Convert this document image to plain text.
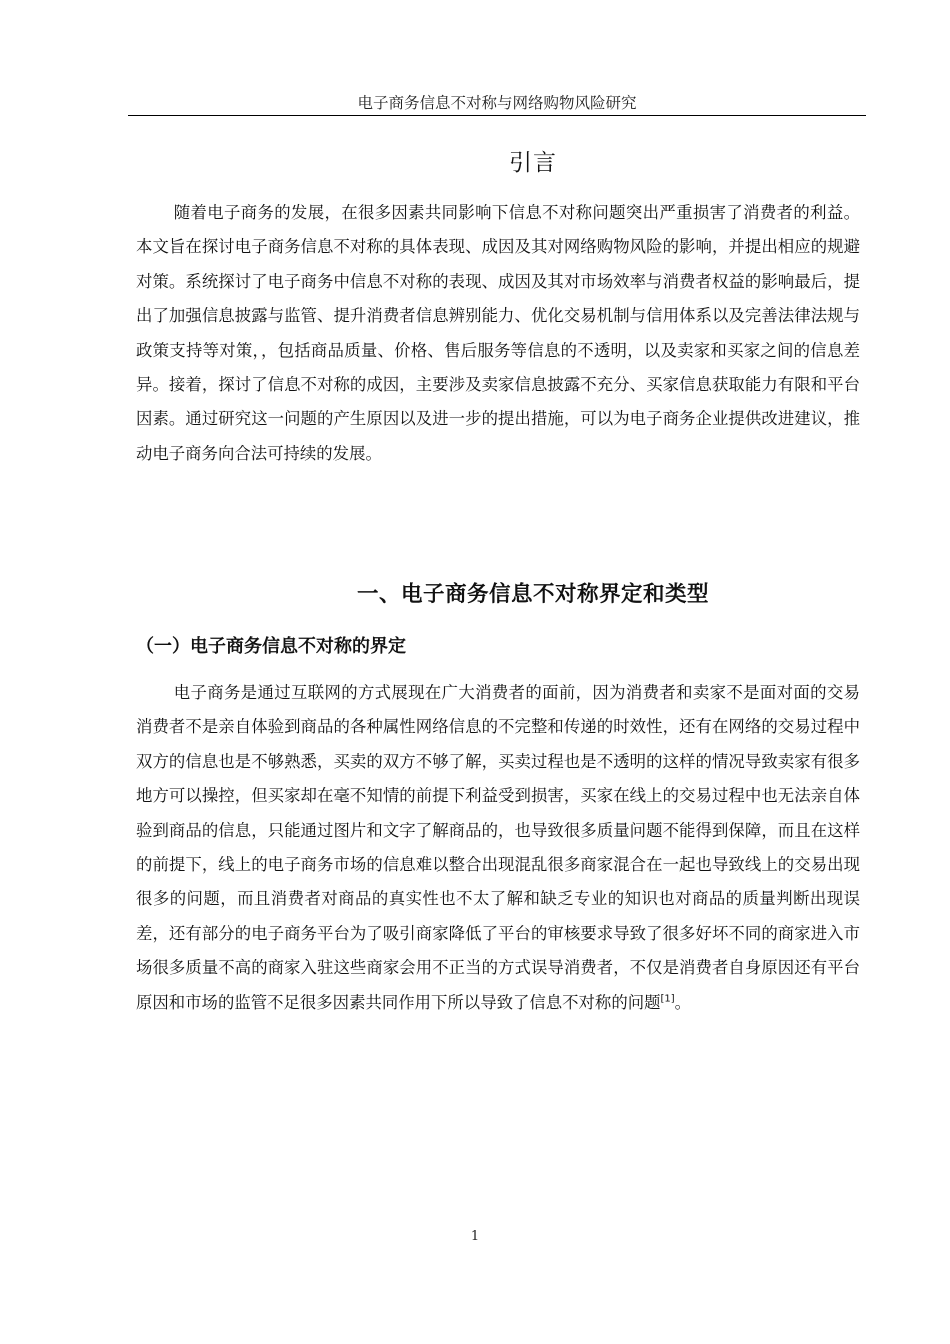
电子商务信息不对称与网络购物风险研究
引言

随着电子商务的发展，在很多因素共同影响下信息不对称问题突出严重损害了消费者的利益。本文旨在探讨电子商务信息不对称的具体表现、成因及其对网络购物风险的影响，并提出相应的规避对策。系统探讨了电子商务中信息不对称的表现、成因及其对市场效率与消费者权益的影响最后，提出了加强信息披露与监管、提升消费者信息辨别能力、优化交易机制与信用体系以及完善法律法规与政策支持等对策，，包括商品质量、价格、售后服务等信息的不透明，以及卖家和买家之间的信息差异。接着，探讨了信息不对称的成因，主要涉及卖家信息披露不充分、买家信息获取能力有限和平台因素。通过研究这一问题的产生原因以及进一步的提出措施，可以为电子商务企业提供改进建议，推动电子商务向合法可持续的发展。

一、电子商务信息不对称界定和类型
（一）电子商务信息不对称的界定

电子商务是通过互联网的方式展现在广大消费者的面前，因为消费者和卖家不是面对面的交易消费者不是亲自体验到商品的各种属性网络信息的不完整和传递的时效性，还有在网络的交易过程中双方的信息也是不够熟悉，买卖的双方不够了解，买卖过程也是不透明的这样的情况导致卖家有很多地方可以操控，但买家却在毫不知情的前提下利益受到损害，买家在线上的交易过程中也无法亲自体验到商品的信息，只能通过图片和文字了解商品的，也导致很多质量问题不能得到保障，而且在这样的前提下，线上的电子商务市场的信息难以整合出现混乱很多商家混合在一起也导致线上的交易出现很多的问题，而且消费者对商品的真实性也不太了解和缺乏专业的知识也对商品的质量判断出现误差，还有部分的电子商务平台为了吸引商家降低了平台的审核要求导致了很多好坏不同的商家进入市场很多质量不高的商家入驻这些商家会用不正当的方式误导消费者，不仅是消费者自身原因还有平台原因和市场的监管不足很多因素共同作用下所以导致了信息不对称的问题[1]。

1
